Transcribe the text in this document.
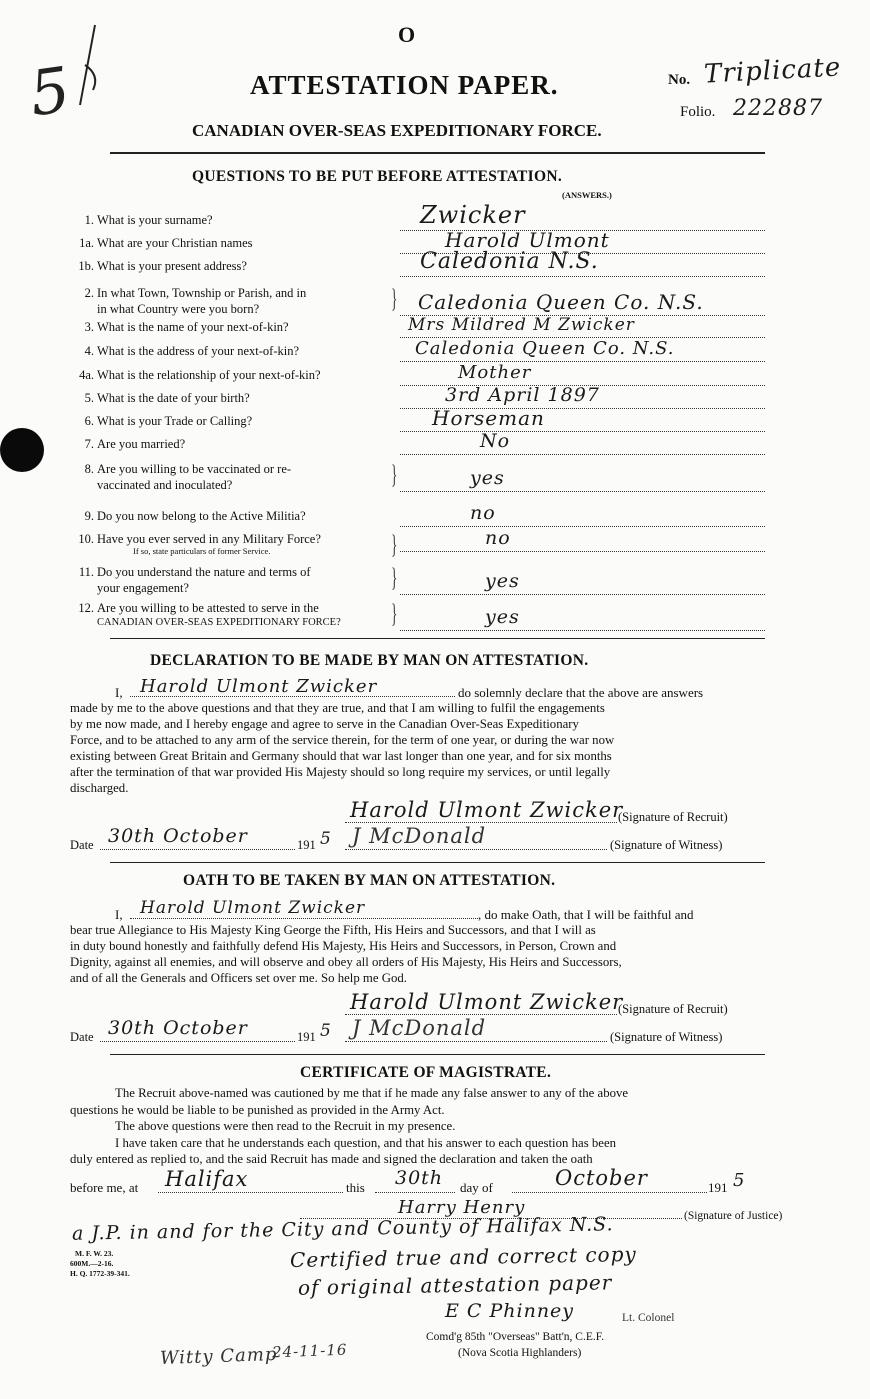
5
O
ATTESTATION PAPER.
CANADIAN OVER-SEAS EXPEDITIONARY FORCE.
No. Triplicate
Folio. 222887
QUESTIONS TO BE PUT BEFORE ATTESTATION.
(ANSWERS.)
1. What is your surname?	Zwicker
1a. What are your Christian names	Harold Ulmont
1b. What is your present address?	Caledonia N.S.
2. In what Town, Township or Parish, and in
in what Country were you born?	} Caledonia Queen Co. N.S.
3. What is the name of your next-of-kin?	Mrs Mildred M Zwicker
4. What is the address of your next-of-kin?	Caledonia Queen Co. N.S.
4a. What is the relationship of your next-of-kin?	Mother
5. What is the date of your birth?	3rd April 1897
6. What is your Trade or Calling?	Horseman
7. Are you married?	No
8. Are you willing to be vaccinated or re-
vaccinated and inoculated?	}	yes
9. Do you now belong to the Active Militia?	no
10. Have you ever served in any Military Force?
If so, state particulars of former Service.	}	no
11. Do you understand the nature and terms of
your engagement?	}	yes
12. Are you willing to be attested to serve in the
CANADIAN OVER-SEAS EXPEDITIONARY FORCE? }	yes
DECLARATION TO BE MADE BY MAN ON ATTESTATION.
I, Harold Ulmont Zwicker	do solemnly declare that the above are answers
made by me to the above questions and that they are true, and that I am willing to fulfil the engagements
by me now made, and I hereby engage and agree to serve in the Canadian Over-Seas Expeditionary
Force, and to be attached to any arm of the service therein, for the term of one year, or during the war now
existing between Great Britain and Germany should that war last longer than one year, and for six months
after the termination of that war provided His Majesty should so long require my services, or until legally
discharged.
Harold Ulmont Zwicker
(Signature of Recruit)
Date 30th October	191 5 J McDonald	(Signature of Witness)
OATH TO BE TAKEN BY MAN ON ATTESTATION.
I, Harold Ulmont Zwicker	, do make Oath, that I will be faithful and
bear true Allegiance to His Majesty King George the Fifth, His Heirs and Successors, and that I will as
in duty bound honestly and faithfully defend His Majesty, His Heirs and Successors, in Person, Crown and
Dignity, against all enemies, and will observe and obey all orders of His Majesty, His Heirs and Successors,
and of all the Generals and Officers set over me. So help me God.
Harold Ulmont Zwicker
(Signature of Recruit)
Date 30th October	191 5 J McDonald	(Signature of Witness)
CERTIFICATE OF MAGISTRATE.
The Recruit above-named was cautioned by me that if he made any false answer to any of the above
questions he would be liable to be punished as provided in the Army Act.
The above questions were then read to the Recruit in my presence.
I have taken care that he understands each question, and that his answer to each question has been
duly entered as replied to, and the said Recruit has made and signed the declaration and taken the oath
before me, at Halifax	this 30th day of	October	191 5
Harry Henry	(Signature of Justice)
a J.P. in and for the City and County of Halifax N.S.
M. F. W. 23.
600M.—2-16.
H. Q. 1772-39-341.
Certified true and correct copy
of original attestation paper
E C Phinney	Lt. Colonel
Comd'g 85th "Overseas" Batt'n, C.E.F.
(Nova Scotia Highlanders)
Witty Camp
24-11-16
